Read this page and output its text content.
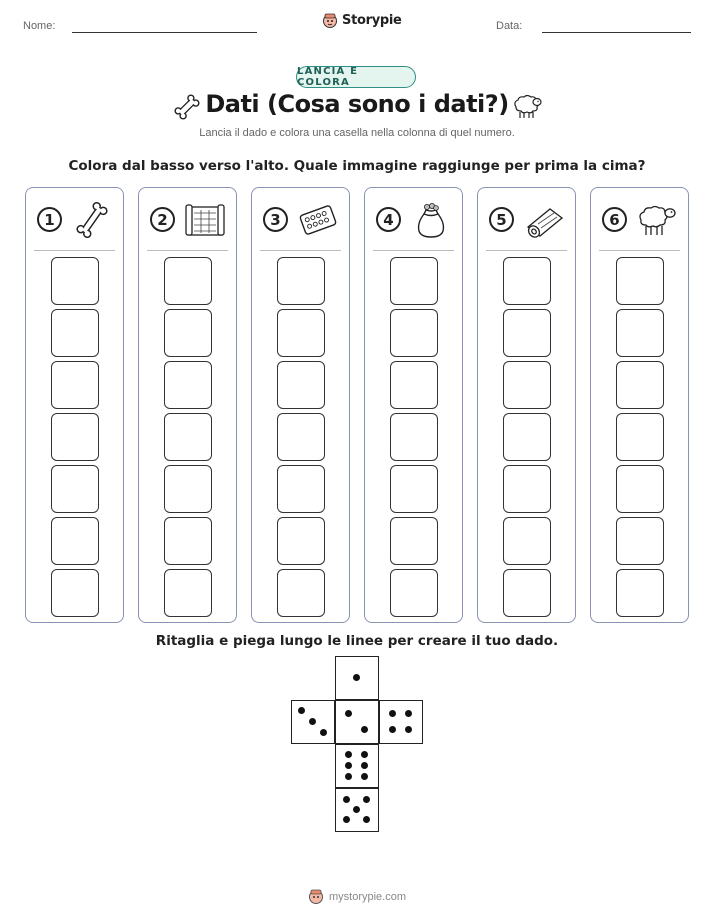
Nome:	Storypie	Data:
LANCIA E COLORA
Dati (Cosa sono i dati?)
Lancia il dado e colora una casella nella colonna di quel numero.
Colora dal basso verso l'alto. Quale immagine raggiunge per prima la cima?
1	2	3	4	5	6
Ritaglia e piega lungo le linee per creare il tuo dado.
mystorypie.com
